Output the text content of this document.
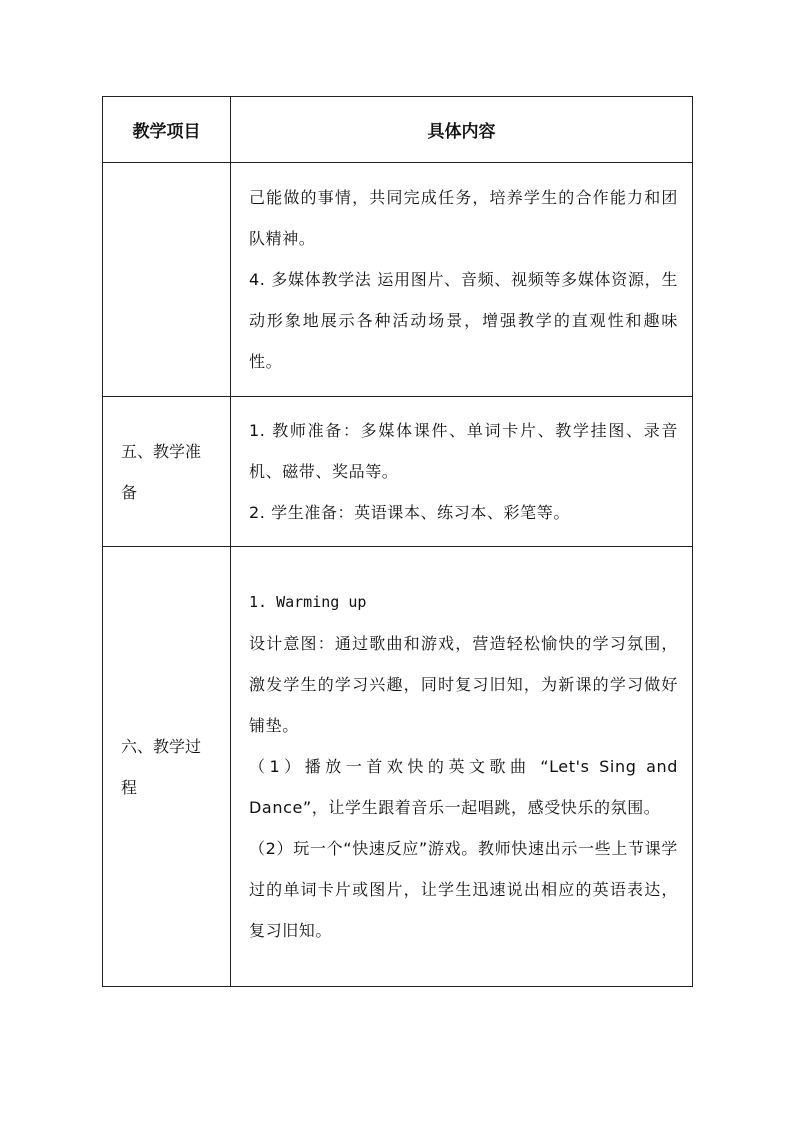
教学项目	具体内容

	己能做的事情，共同完成任务，培养学生的合作能力和团队精神。

4. 多媒体教学法 运用图片、音频、视频等多媒体资源，生动形象地展示各种活动场景，增强教学的直观性和趣味性。

五、教学准备	1. 教师准备：多媒体课件、单词卡片、教学挂图、录音机、磁带、奖品等。

2. 学生准备：英语课本、练习本、彩笔等。

六、教学过程	1. Warming up

设计意图：通过歌曲和游戏，营造轻松愉快的学习氛围，激发学生的学习兴趣，同时复习旧知，为新课的学习做好铺垫。

（1）播放一首欢快的英文歌曲 “Let's Sing and Dance”，让学生跟着音乐一起唱跳，感受快乐的氛围。

（2）玩一个“快速反应”游戏。教师快速出示一些上节课学过的单词卡片或图片，让学生迅速说出相应的英语表达，复习旧知。
